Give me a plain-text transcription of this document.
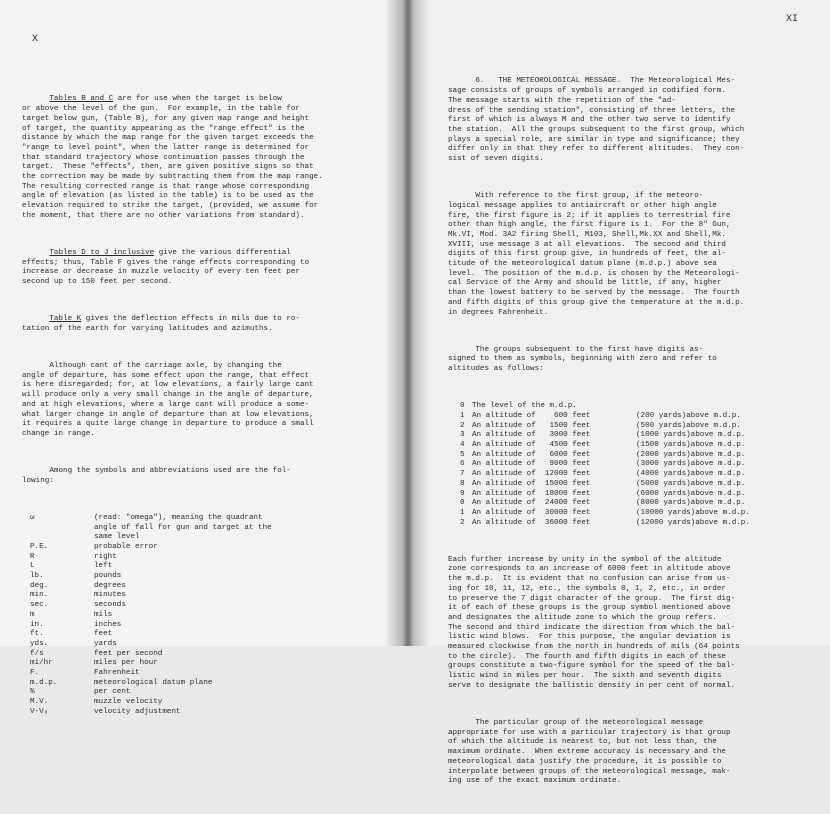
X

Tables B and C are for use when the target is below
or above the level of the gun.  For example, in the table for
target below gun, (Table B), for any given map range and height
of target, the quantity appearing as the "range effect" is the
distance by which the map range for the given target exceeds the
"range to level point", when the latter range is determined for
that standard trajectory whose continuation passes through the
target.  These "effects", then, are given positive signs so that
the correction may be made by subtracting them from the map range.
The resulting corrected range is that range whose corresponding
angle of elevation (as listed in the table) is to be used as the
elevation required to strike the target, (provided, we assume for
the moment, that there are no other variations from standard).

Tables D to J inclusive give the various differential
effects; thus, Table F gives the range effects corresponding to
increase or decrease in muzzle velocity of every ten feet per
second up to 150 feet per second.

Table K gives the deflection effects in mils due to ro-
tation of the earth for varying latitudes and azimuths.

Although cant of the carriage axle, by changing the
angle of departure, has some effect upon the range, that effect
is here disregarded; for, at low elevations, a fairly large cant
will produce only a very small change in the angle of departure,
and at high elevations, where a large cant will produce a some-
what larger change in angle of departure than at low elevations,
it requires a quite large change in departure to produce a small
change in range.

Among the symbols and abbreviations used are the fol-
lowing:

ω	(read: "omega"), meaning the quadrant
angle of fall for gun and target at the
same level
P.E.	probable error
R	right
L	left
lb.	pounds
deg.	degrees
min.	minutes
sec.	seconds
m	mils
in.	inches
ft.	feet
yds.	yards
f/s	feet per second
mi/hr	miles per hour
F.	Fahrenheit
m.d.p.	meteorological datum plane
%	per cent
M.V.	muzzle velocity
V-V₀	velocity adjustment

XI

6.   THE METEOROLOGICAL MESSAGE.  The Meteorological Mes-
sage consists of groups of symbols arranged in codified form.
The message starts with the repetition of the "ad-
dress of the sending station", consisting of three letters, the
first of which is always M and the other two serve to identify
the station.  All the groups subsequent to the first group, which
plays a special role, are similar in type and significance; they
differ only in that they refer to different altitudes.  They con-
sist of seven digits.

With reference to the first group, if the meteoro-
logical message applies to antiaircraft or other high angle
fire, the first figure is 2; if it applies to terrestrial fire
other than high angle, the first figure is 1.  For the 8" Gun,
Mk.VI, Mod. 3A2 firing Shell, M103, Shell,Mk.XX and Shell,Mk.
XVIII, use message 3 at all elevations.  The second and third
digits of this first group give, in hundreds of feet, the al-
titude of the meteorological datum plane (m.d.p.) above sea
level.  The position of the m.d.p. is chosen by the Meteorologi-
cal Service of the Army and should be little, if any, higher
than the lowest battery to be served by the message.  The fourth
and fifth digits of this group give the temperature at the m.d.p.
in degrees Fahrenheit.

The groups subsequent to the first have digits as-
signed to them as symbols, beginning with zero and refer to
altitudes as follows:

0 The level of the m.d.p.
1 An altitude of    600 feet	(200 yards)above m.d.p.
2 An altitude of   1500 feet	(500 yards)above m.d.p.
3 An altitude of   3000 feet	(1000 yards)above m.d.p.
4 An altitude of   4500 feet	(1500 yards)above m.d.p.
5 An altitude of   6000 feet	(2000 yards)above m.d.p.
6 An altitude of   9000 feet	(3000 yards)above m.d.p.
7 An altitude of  12000 feet	(4000 yards)above m.d.p.
8 An altitude of  15000 feet	(5000 yards)above m.d.p.
9 An altitude of  18000 feet	(6000 yards)above m.d.p.
0 An altitude of  24000 feet	(8000 yards)above m.d.p.
1 An altitude of  30000 feet	(10000 yards)above m.d.p.
2 An altitude of  36000 feet	(12000 yards)above m.d.p.

Each further increase by unity in the symbol of the altitude
zone corresponds to an increase of 6000 feet in altitude above
the m.d.p.  It is evident that no confusion can arise from us-
ing for 10, 11, 12, etc., the symbols 0, 1, 2, etc., in order
to preserve the 7 digit character of the group.  The first dig-
it of each of these groups is the group symbol mentioned above
and designates the altitude zone to which the group refers.
The second and third indicate the direction from which the bal-
listic wind blows.  For this purpose, the angular deviation is
measured clockwise from the north in hundreds of mils (64 points
to the circle).  The fourth and fifth digits in each of these
groups constitute a two-figure symbol for the speed of the bal-
listic wind in miles per hour.  The sixth and seventh digits
serve to designate the ballistic density in per cent of normal.

The particular group of the meteorological message
appropriate for use with a particular trajectory is that group
of which the altitude is nearest to, but not less than, the
maximum ordinate.  When extreme accuracy is necessary and the
meteorological data justify the procedure, it is possible to
interpolate between groups of the meteorological message, mak-
ing use of the exact maximum ordinate.
